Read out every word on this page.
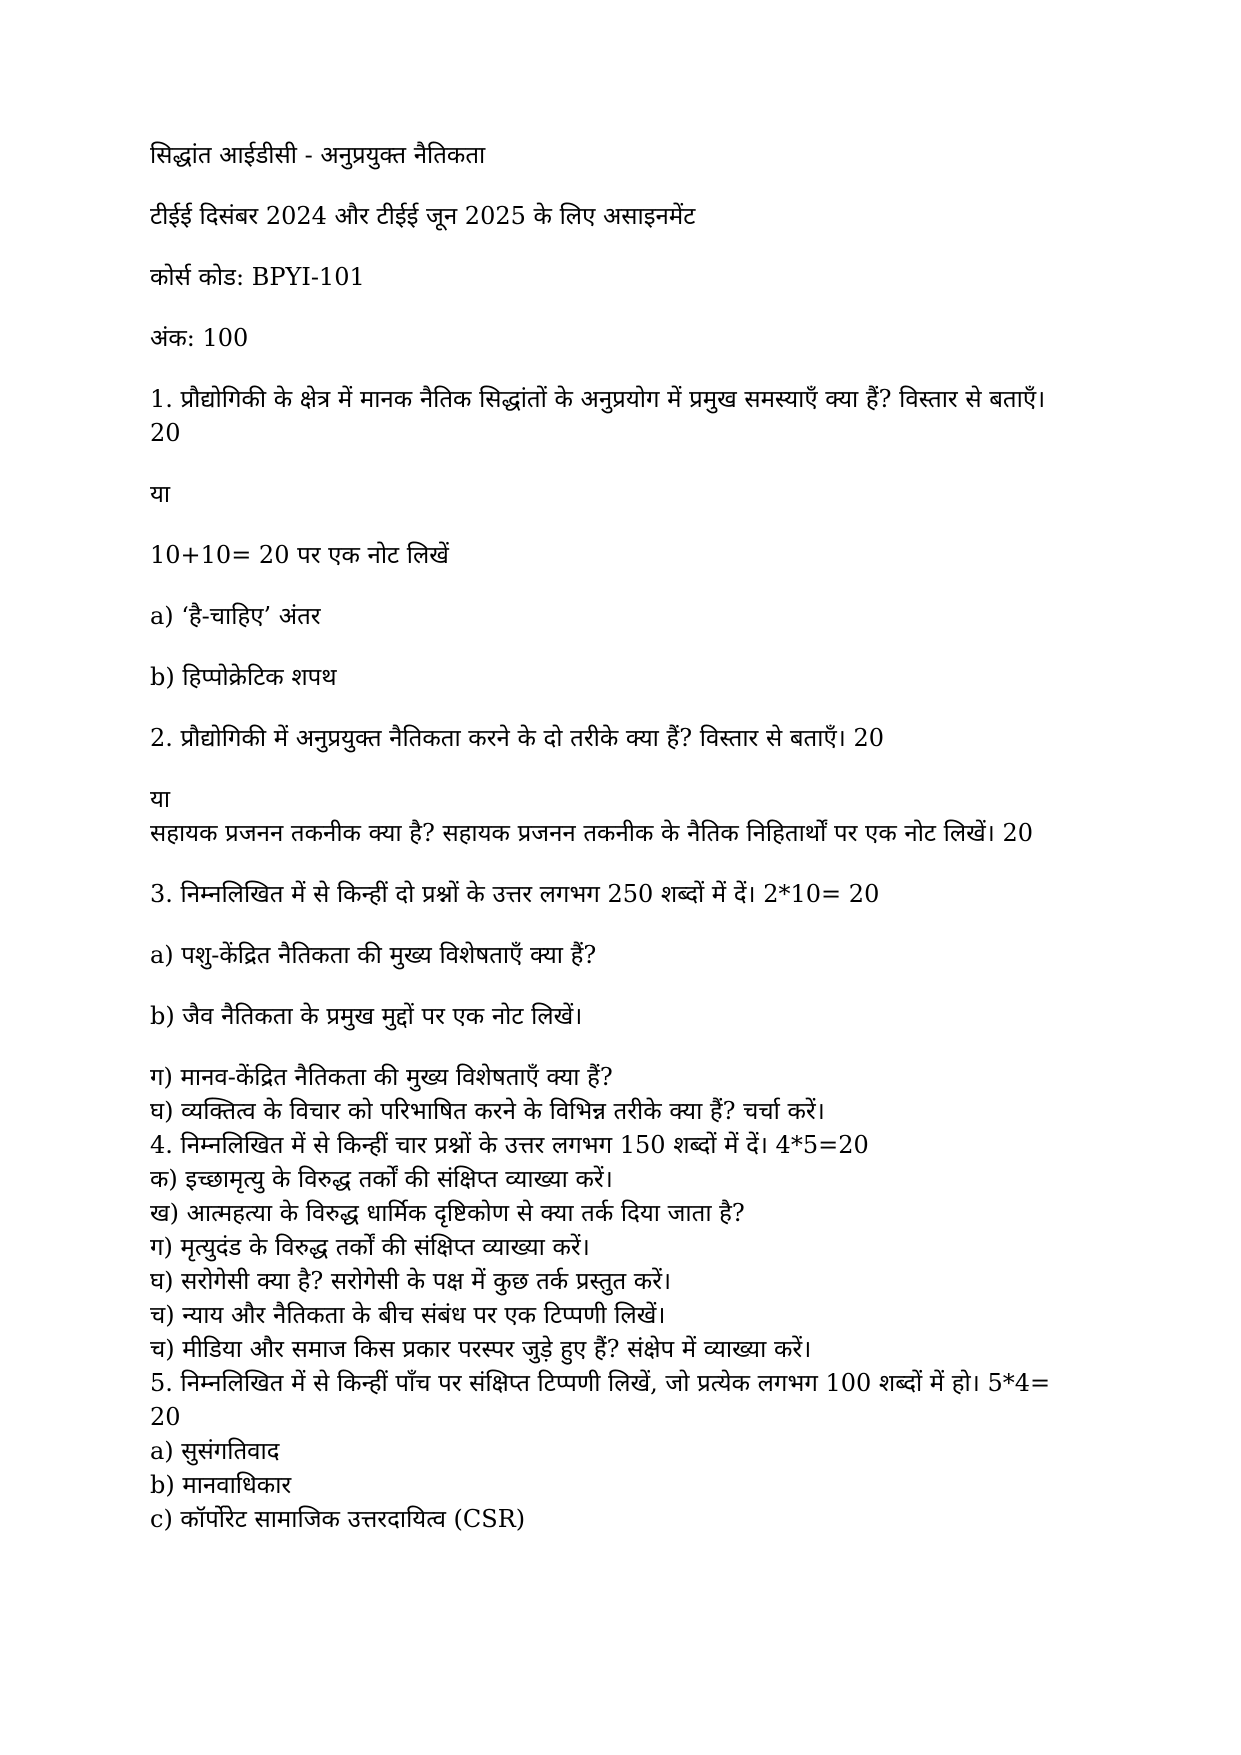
सिद्धांत आईडीसी - अनुप्रयुक्त नैतिकता

टीईई दिसंबर 2024 और टीईई जून 2025 के लिए असाइनमेंट

कोर्स कोड: BPYI-101

अंक: 100

1. प्रौद्योगिकी के क्षेत्र में मानक नैतिक सिद्धांतों के अनुप्रयोग में प्रमुख समस्याएँ क्या हैं? विस्तार से बताएँ। 20

या

10+10= 20 पर एक नोट लिखें

a) ‘है-चाहिए’ अंतर

b) हिप्पोक्रेटिक शपथ

2. प्रौद्योगिकी में अनुप्रयुक्त नैतिकता करने के दो तरीके क्या हैं? विस्तार से बताएँ। 20

या

सहायक प्रजनन तकनीक क्या है? सहायक प्रजनन तकनीक के नैतिक निहितार्थों पर एक नोट लिखें। 20

3. निम्नलिखित में से किन्हीं दो प्रश्नों के उत्तर लगभग 250 शब्दों में दें। 2*10= 20

a) पशु-केंद्रित नैतिकता की मुख्य विशेषताएँ क्या हैं?

b) जैव नैतिकता के प्रमुख मुद्दों पर एक नोट लिखें।

ग) मानव-केंद्रित नैतिकता की मुख्य विशेषताएँ क्या हैं?

घ) व्यक्तित्व के विचार को परिभाषित करने के विभिन्न तरीके क्या हैं? चर्चा करें।

4. निम्नलिखित में से किन्हीं चार प्रश्नों के उत्तर लगभग 150 शब्दों में दें। 4*5=20

क) इच्छामृत्यु के विरुद्ध तर्कों की संक्षिप्त व्याख्या करें।

ख) आत्महत्या के विरुद्ध धार्मिक दृष्टिकोण से क्या तर्क दिया जाता है?

ग) मृत्युदंड के विरुद्ध तर्कों की संक्षिप्त व्याख्या करें।

घ) सरोगेसी क्या है? सरोगेसी के पक्ष में कुछ तर्क प्रस्तुत करें।

च) न्याय और नैतिकता के बीच संबंध पर एक टिप्पणी लिखें।

च) मीडिया और समाज किस प्रकार परस्पर जुड़े हुए हैं? संक्षेप में व्याख्या करें।

5. निम्नलिखित में से किन्हीं पाँच पर संक्षिप्त टिप्पणी लिखें, जो प्रत्येक लगभग 100 शब्दों में हो। 5*4= 20

a) सुसंगतिवाद

b) मानवाधिकार

c) कॉर्पोरेट सामाजिक उत्तरदायित्व (CSR)
